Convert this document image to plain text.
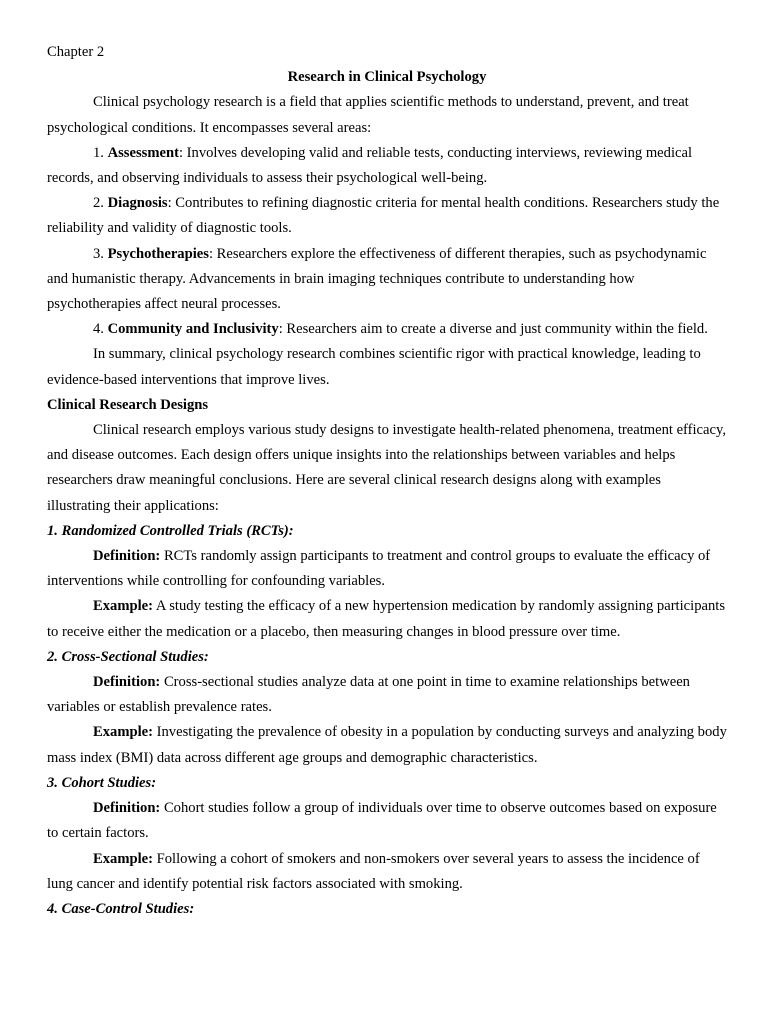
Chapter 2

Research in Clinical Psychology

Clinical psychology research is a field that applies scientific methods to understand, prevent, and treat psychological conditions. It encompasses several areas:

1. Assessment: Involves developing valid and reliable tests, conducting interviews, reviewing medical records, and observing individuals to assess their psychological well-being.

2. Diagnosis: Contributes to refining diagnostic criteria for mental health conditions. Researchers study the reliability and validity of diagnostic tools.

3. Psychotherapies: Researchers explore the effectiveness of different therapies, such as psychodynamic and humanistic therapy. Advancements in brain imaging techniques contribute to understanding how psychotherapies affect neural processes.

4. Community and Inclusivity: Researchers aim to create a diverse and just community within the field.

In summary, clinical psychology research combines scientific rigor with practical knowledge, leading to evidence-based interventions that improve lives.

Clinical Research Designs

Clinical research employs various study designs to investigate health-related phenomena, treatment efficacy, and disease outcomes. Each design offers unique insights into the relationships between variables and helps researchers draw meaningful conclusions. Here are several clinical research designs along with examples illustrating their applications:

1. Randomized Controlled Trials (RCTs):

Definition: RCTs randomly assign participants to treatment and control groups to evaluate the efficacy of interventions while controlling for confounding variables.

Example: A study testing the efficacy of a new hypertension medication by randomly assigning participants to receive either the medication or a placebo, then measuring changes in blood pressure over time.

2. Cross-Sectional Studies:

Definition: Cross-sectional studies analyze data at one point in time to examine relationships between variables or establish prevalence rates.

Example: Investigating the prevalence of obesity in a population by conducting surveys and analyzing body mass index (BMI) data across different age groups and demographic characteristics.

3. Cohort Studies:

Definition: Cohort studies follow a group of individuals over time to observe outcomes based on exposure to certain factors.

Example: Following a cohort of smokers and non-smokers over several years to assess the incidence of lung cancer and identify potential risk factors associated with smoking.

4. Case-Control Studies:
